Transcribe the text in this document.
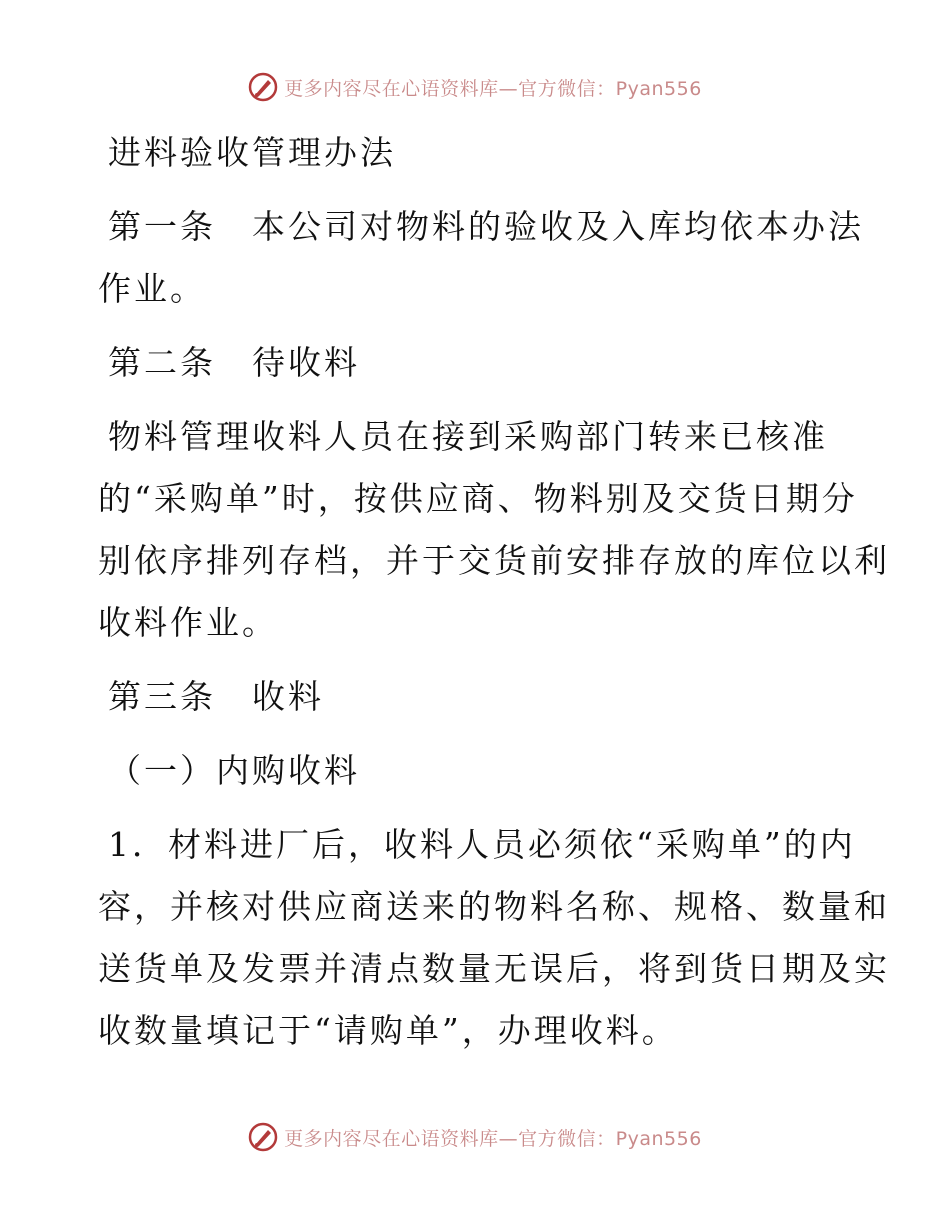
更多内容尽在心语资料库—官方微信：Pyan556
进料验收管理办法
第一条 本公司对物料的验收及入库均依本办法
作业。
第二条 待收料
物料管理收料人员在接到采购部门转来已核准
的“采购单”时，按供应商、物料别及交货日期分
别依序排列存档，并于交货前安排存放的库位以利
收料作业。
第三条 收料
（一）内购收料
1．材料进厂后，收料人员必须依“采购单”的内
容，并核对供应商送来的物料名称、规格、数量和
送货单及发票并清点数量无误后，将到货日期及实
收数量填记于“请购单”，办理收料。
更多内容尽在心语资料库—官方微信：Pyan556
